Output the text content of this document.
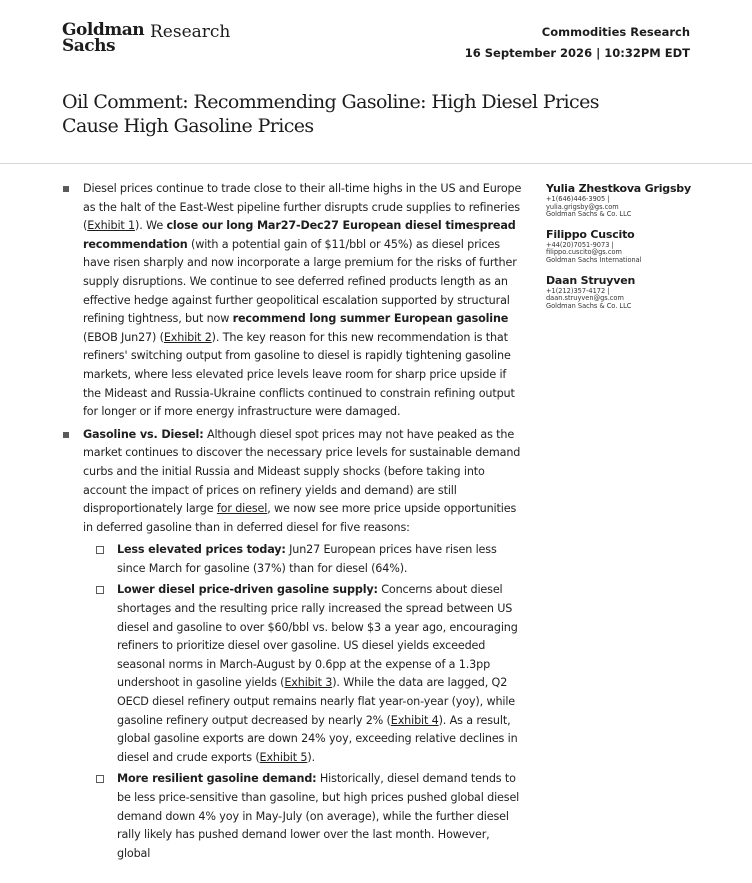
Goldman
Sachs
Research	Commodities Research
16 September 2026 | 10:32PM EDT
Oil Comment: Recommending Gasoline: High Diesel Prices Cause High Gasoline Prices
Diesel prices continue to trade close to their all-time highs in the US and Europe as the halt of the East-West pipeline further disrupts crude supplies to refineries (Exhibit 1). We close our long Mar27-Dec27 European diesel timespread recommendation (with a potential gain of $11/bbl or 45%) as diesel prices have risen sharply and now incorporate a large premium for the risks of further supply disruptions. We continue to see deferred refined products length as an effective hedge against further geopolitical escalation supported by structural refining tightness, but now recommend long summer European gasoline (EBOB Jun27) (Exhibit 2). The key reason for this new recommendation is that refiners' switching output from gasoline to diesel is rapidly tightening gasoline markets, where less elevated price levels leave room for sharp price upside if the Mideast and Russia-Ukraine conflicts continued to constrain refining output for longer or if more energy infrastructure were damaged.
Gasoline vs. Diesel: Although diesel spot prices may not have peaked as the market continues to discover the necessary price levels for sustainable demand curbs and the initial Russia and Mideast supply shocks (before taking into account the impact of prices on refinery yields and demand) are still disproportionately large for diesel, we now see more price upside opportunities in deferred gasoline than in deferred diesel for five reasons:
Less elevated prices today: Jun27 European prices have risen less since March for gasoline (37%) than for diesel (64%).
Lower diesel price-driven gasoline supply: Concerns about diesel shortages and the resulting price rally increased the spread between US diesel and gasoline to over $60/bbl vs. below $3 a year ago, encouraging refiners to prioritize diesel over gasoline. US diesel yields exceeded seasonal norms in March-August by 0.6pp at the expense of a 1.3pp undershoot in gasoline yields (Exhibit 3). While the data are lagged, Q2 OECD diesel refinery output remains nearly flat year-on-year (yoy), while gasoline refinery output decreased by nearly 2% (Exhibit 4). As a result, global gasoline exports are down 24% yoy, exceeding relative declines in diesel and crude exports (Exhibit 5).
More resilient gasoline demand: Historically, diesel demand tends to be less price-sensitive than gasoline, but high prices pushed global diesel demand down 4% yoy in May-July (on average), while the further diesel rally likely has pushed demand lower over the last month. However, global
Yulia Zhestkova Grigsby
+1(646)446-3905 |
yulia.grigsby@gs.com
Goldman Sachs & Co. LLC
Filippo Cuscito
+44(20)7051-9073 |
filippo.cuscito@gs.com
Goldman Sachs International
Daan Struyven
+1(212)357-4172 |
daan.struyven@gs.com
Goldman Sachs & Co. LLC
